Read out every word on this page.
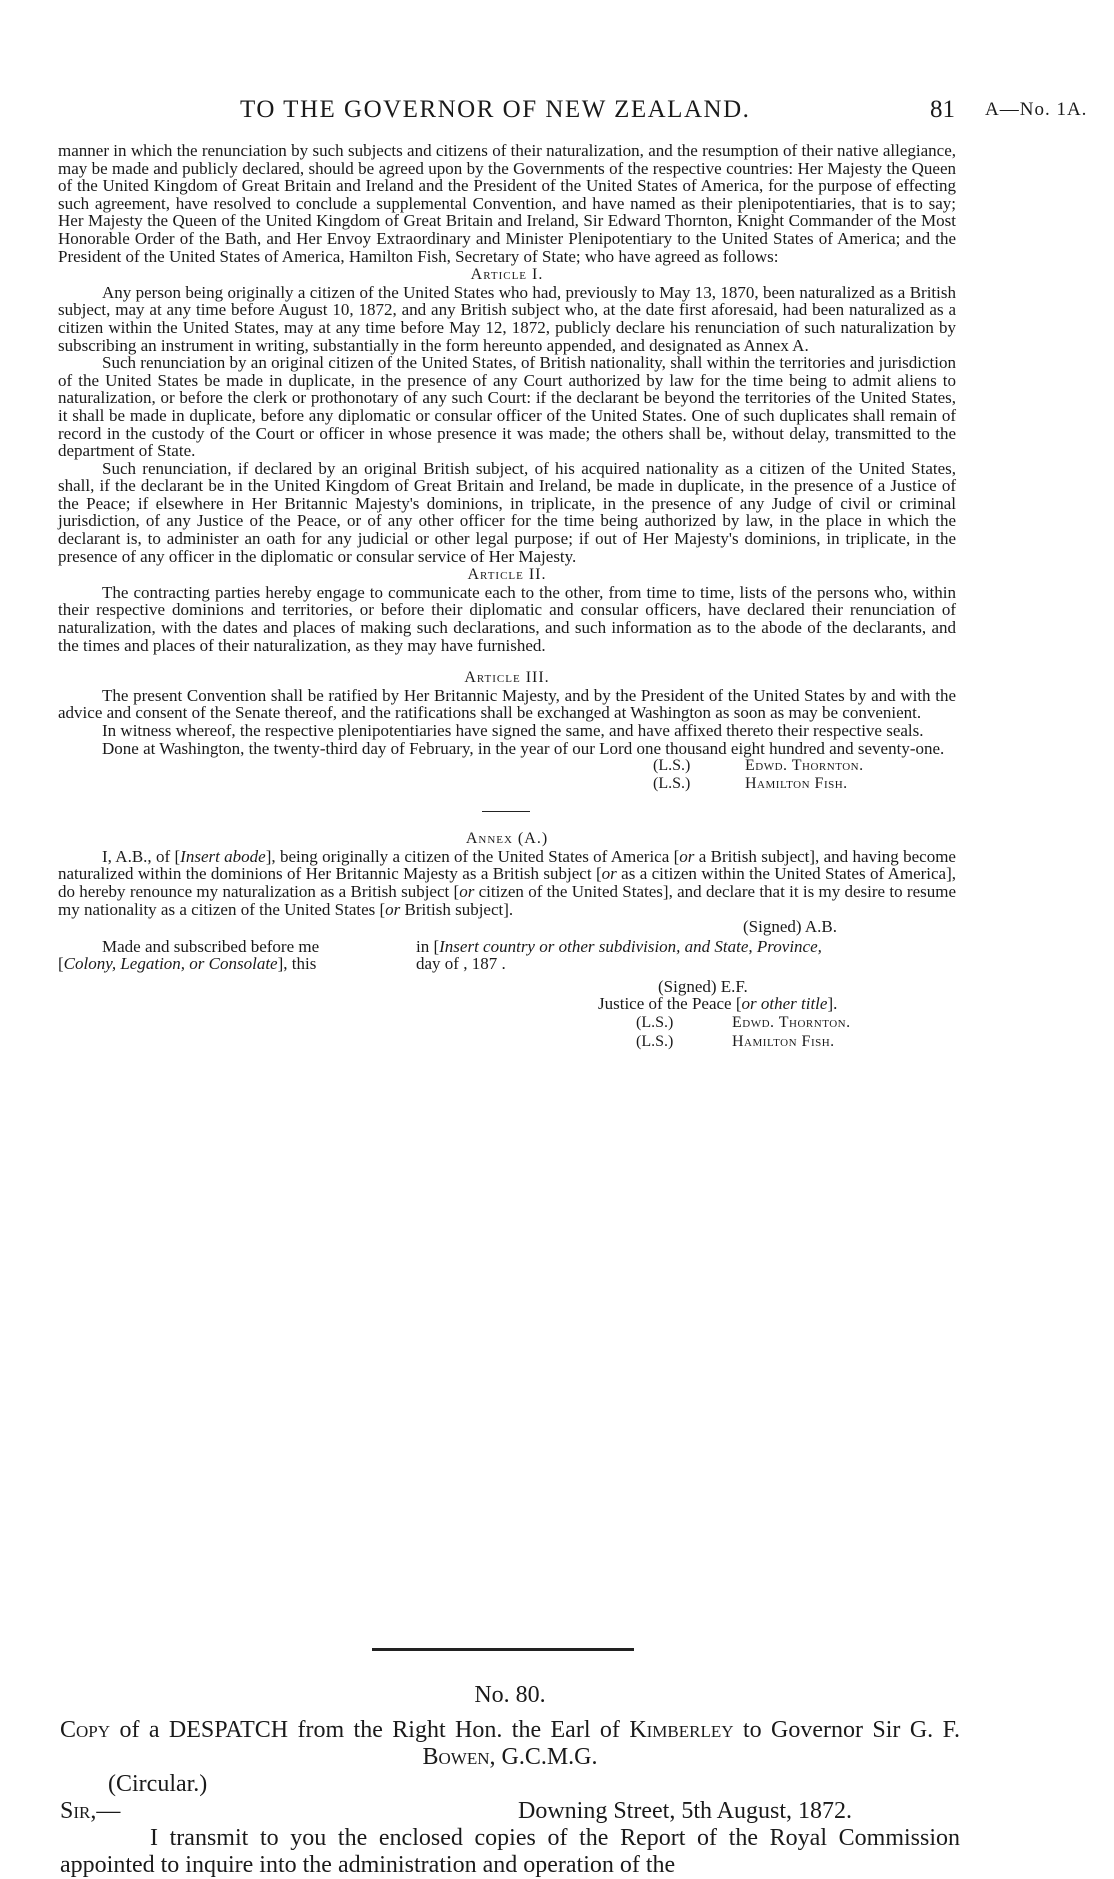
TO THE GOVERNOR OF NEW ZEALAND.	81 A—No. 1A.

manner in which the renunciation by such subjects and citizens of their naturalization, and the resumption of their native allegiance, may be made and publicly declared, should be agreed upon by the Governments of the respective countries: Her Majesty the Queen of the United Kingdom of Great Britain and Ireland and the President of the United States of America, for the purpose of effecting such agreement, have resolved to conclude a supplemental Convention, and have named as their plenipotentiaries, that is to say; Her Majesty the Queen of the United Kingdom of Great Britain and Ireland, Sir Edward Thornton, Knight Commander of the Most Honorable Order of the Bath, and Her Envoy Extraordinary and Minister Plenipotentiary to the United States of America; and the President of the United States of America, Hamilton Fish, Secretary of State; who have agreed as follows:

Article I.

Any person being originally a citizen of the United States who had, previously to May 13, 1870, been naturalized as a British subject, may at any time before August 10, 1872, and any British subject who, at the date first aforesaid, had been naturalized as a citizen within the United States, may at any time before May 12, 1872, publicly declare his renunciation of such naturalization by subscribing an instrument in writing, substantially in the form hereunto appended, and designated as Annex A.

Such renunciation by an original citizen of the United States, of British nationality, shall within the territories and jurisdiction of the United States be made in duplicate, in the presence of any Court authorized by law for the time being to admit aliens to naturalization, or before the clerk or prothonotary of any such Court: if the declarant be beyond the territories of the United States, it shall be made in duplicate, before any diplomatic or consular officer of the United States. One of such duplicates shall remain of record in the custody of the Court or officer in whose presence it was made; the others shall be, without delay, transmitted to the department of State.

Such renunciation, if declared by an original British subject, of his acquired nationality as a citizen of the United States, shall, if the declarant be in the United Kingdom of Great Britain and Ireland, be made in duplicate, in the presence of a Justice of the Peace; if elsewhere in Her Britannic Majesty's dominions, in triplicate, in the presence of any Judge of civil or criminal jurisdiction, of any Justice of the Peace, or of any other officer for the time being authorized by law, in the place in which the declarant is, to administer an oath for any judicial or other legal purpose; if out of Her Majesty's dominions, in triplicate, in the presence of any officer in the diplomatic or consular service of Her Majesty.

Article II.

The contracting parties hereby engage to communicate each to the other, from time to time, lists of the persons who, within their respective dominions and territories, or before their diplomatic and consular officers, have declared their renunciation of naturalization, with the dates and places of making such declarations, and such information as to the abode of the declarants, and the times and places of their naturalization, as they may have furnished.

Article III.

The present Convention shall be ratified by Her Britannic Majesty, and by the President of the United States by and with the advice and consent of the Senate thereof, and the ratifications shall be exchanged at Washington as soon as may be convenient.

In witness whereof, the respective plenipotentiaries have signed the same, and have affixed thereto their respective seals.

Done at Washington, the twenty-third day of February, in the year of our Lord one thousand eight hundred and seventy-one.

(L.S.)	Edwd. Thornton.
(L.S.)	Hamilton Fish.
Annex (A.)

I, A.B., of [Insert abode], being originally a citizen of the United States of America [or a British subject], and having become naturalized within the dominions of Her Britannic Majesty as a British subject [or as a citizen within the United States of America], do hereby renounce my naturalization as a British subject [or citizen of the United States], and declare that it is my desire to resume my nationality as a citizen of the United States [or British subject].

(Signed) A.B.
Made and subscribed before me
[Colony, Legation, or Consolate], this
in [Insert country or other subdivision, and State, Province,
day of , 187 .
(Signed) E.F.
Justice of the Peace [or other title].
(L.S.)	Edwd. Thornton.
(L.S.)	Hamilton Fish.
No. 80.
Copy of a DESPATCH from the Right Hon. the Earl of Kimberley to Governor Sir G. F. Bowen, G.C.M.G.
(Circular.)
Sir,—	Downing Street, 5th August, 1872.

I transmit to you the enclosed copies of the Report of the Royal Commission appointed to inquire into the administration and operation of the
